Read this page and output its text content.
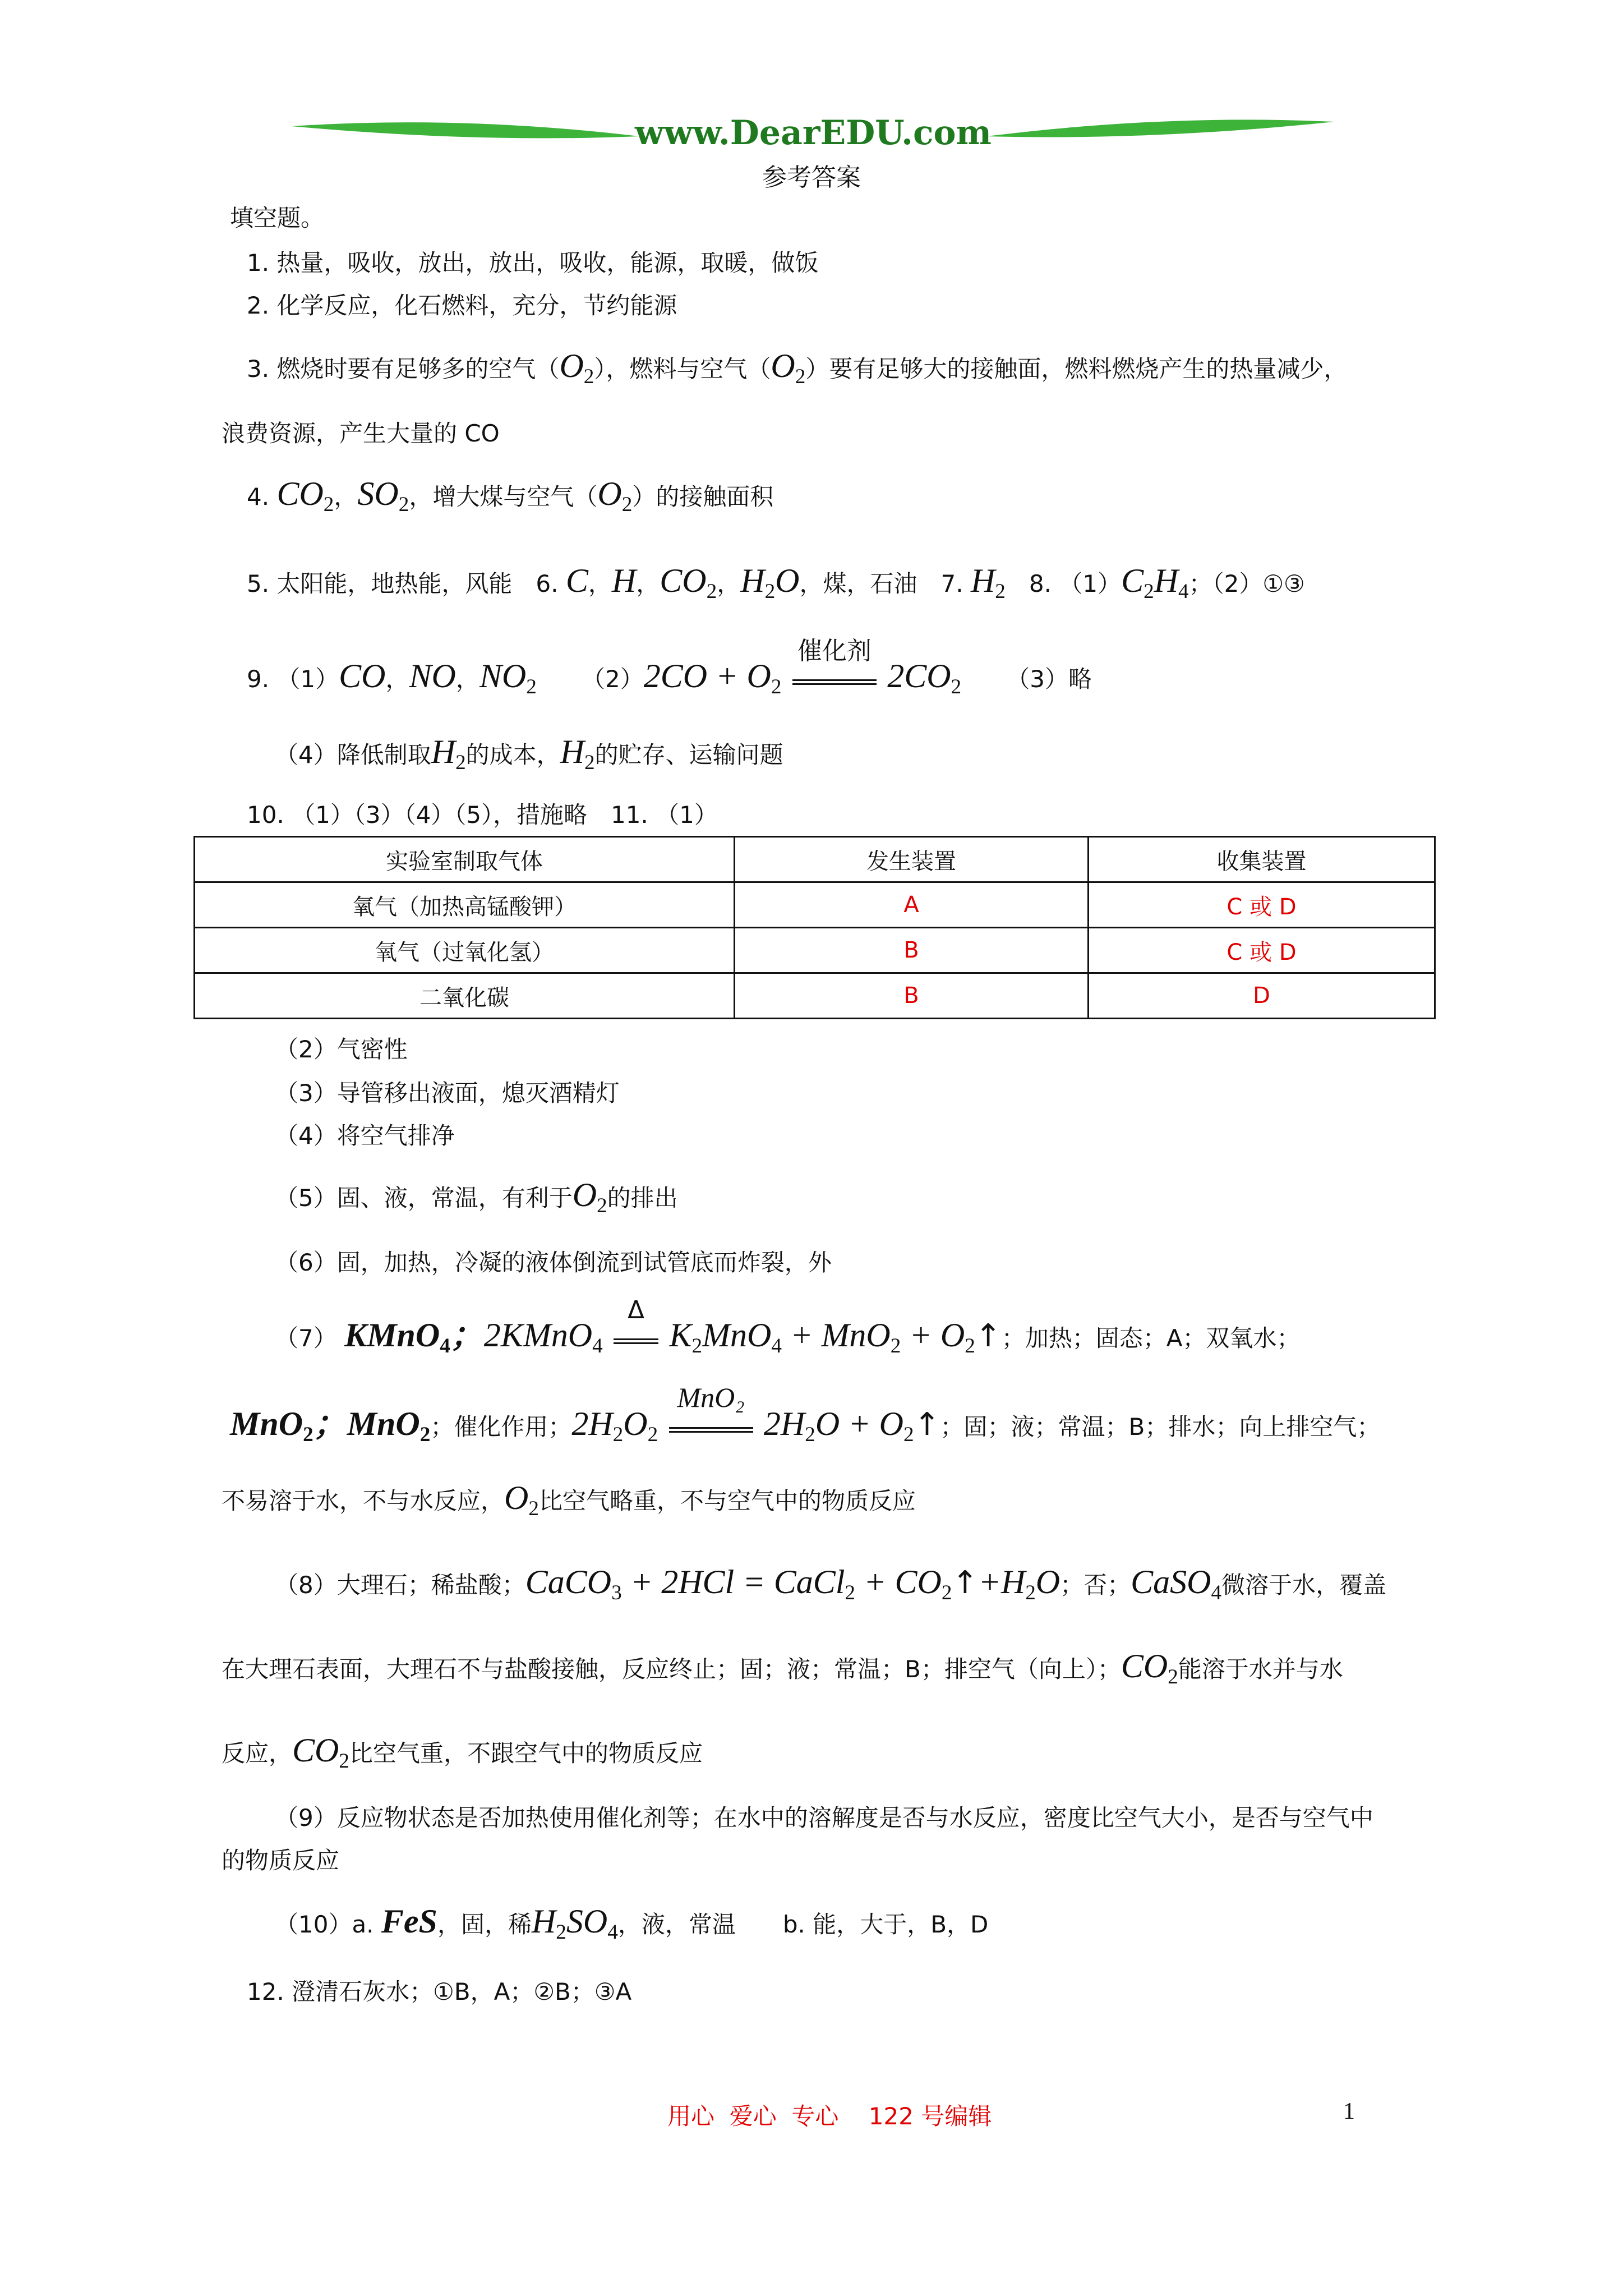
www.DearEDU.com
参考答案
填空题。
1. 热量，吸收，放出，放出，吸收，能源，取暖，做饭
2. 化学反应，化石燃料，充分，节约能源
3. 燃烧时要有足够多的空气$(O_2)$，燃料与空气$(O_2)$要有足够大的接触面，燃料燃烧产生的热量减少，
浪费资源，产生大量的 CO
4. $CO_2$，$SO_2$，增大煤与空气$(O_2)$的接触面积
5. 太阳能，地热能，风能　6. C，H，$CO_2$，$H_2O$，煤，石油　7. $H_2$　 8. $(1)C_2H_4$；（2）①③
9. （1）CO，NO，$NO_2$ $(2)2CO + O_2$
催化剂
$2CO_2$ （3）略
（4）降低制取$H_2$的成本，$H_2$的贮存、运输问题
10. （1）（3）（4）（5），措施略　11. （1）
实验室制取气体	发生装置	收集装置
氧气（加热高锰酸钾）	A	C 或 D
氧气（过氧化氢）	B	C 或 D
二氧化碳	B	D
（2）气密性
（3）导管移出液面，熄灭酒精灯
（4）将空气排净
（5）固、液，常温，有利于$O_2$的排出
（6）固，加热，冷凝的液体倒流到试管底而炸裂，外
（7） KMnO$_4$；2KMnO$_4$
Δ
$K_2MnO_4 + MnO_2$ + $O_2↑$；加热；固态；A；双氧水；
MnO$_2$；MnO$_2$；催化作用；$2H_2O_2$
MnO₂
$2H_2O$ + $O_2↑$；固；液；常温；B；排水；向上排空气；
不易溶于水，不与水反应，$O_2$比空气略重，不与空气中的物质反应
（8）大理石；稀盐酸；CaCO$_3$ + 2HCl = CaCl$_2$ + $CO_2↑+H_2O$；否；CaSO$_4$微溶于水，覆盖
在大理石表面，大理石不与盐酸接触，反应终止；固；液；常温；B；排空气（向上）；$CO_2$能溶于水并与水
反应，$CO_2$比空气重，不跟空气中的物质反应
（9）反应物状态是否加热使用催化剂等；在水中的溶解度是否与水反应，密度比空气大小，是否与空气中
的物质反应
（10）a. FeS，固，稀$H_2SO_4$，液，常温　　b. 能，大于，B，D
12. 澄清石灰水；①B，A；②B；③A
用心  爱心  专心    122 号编辑	1
